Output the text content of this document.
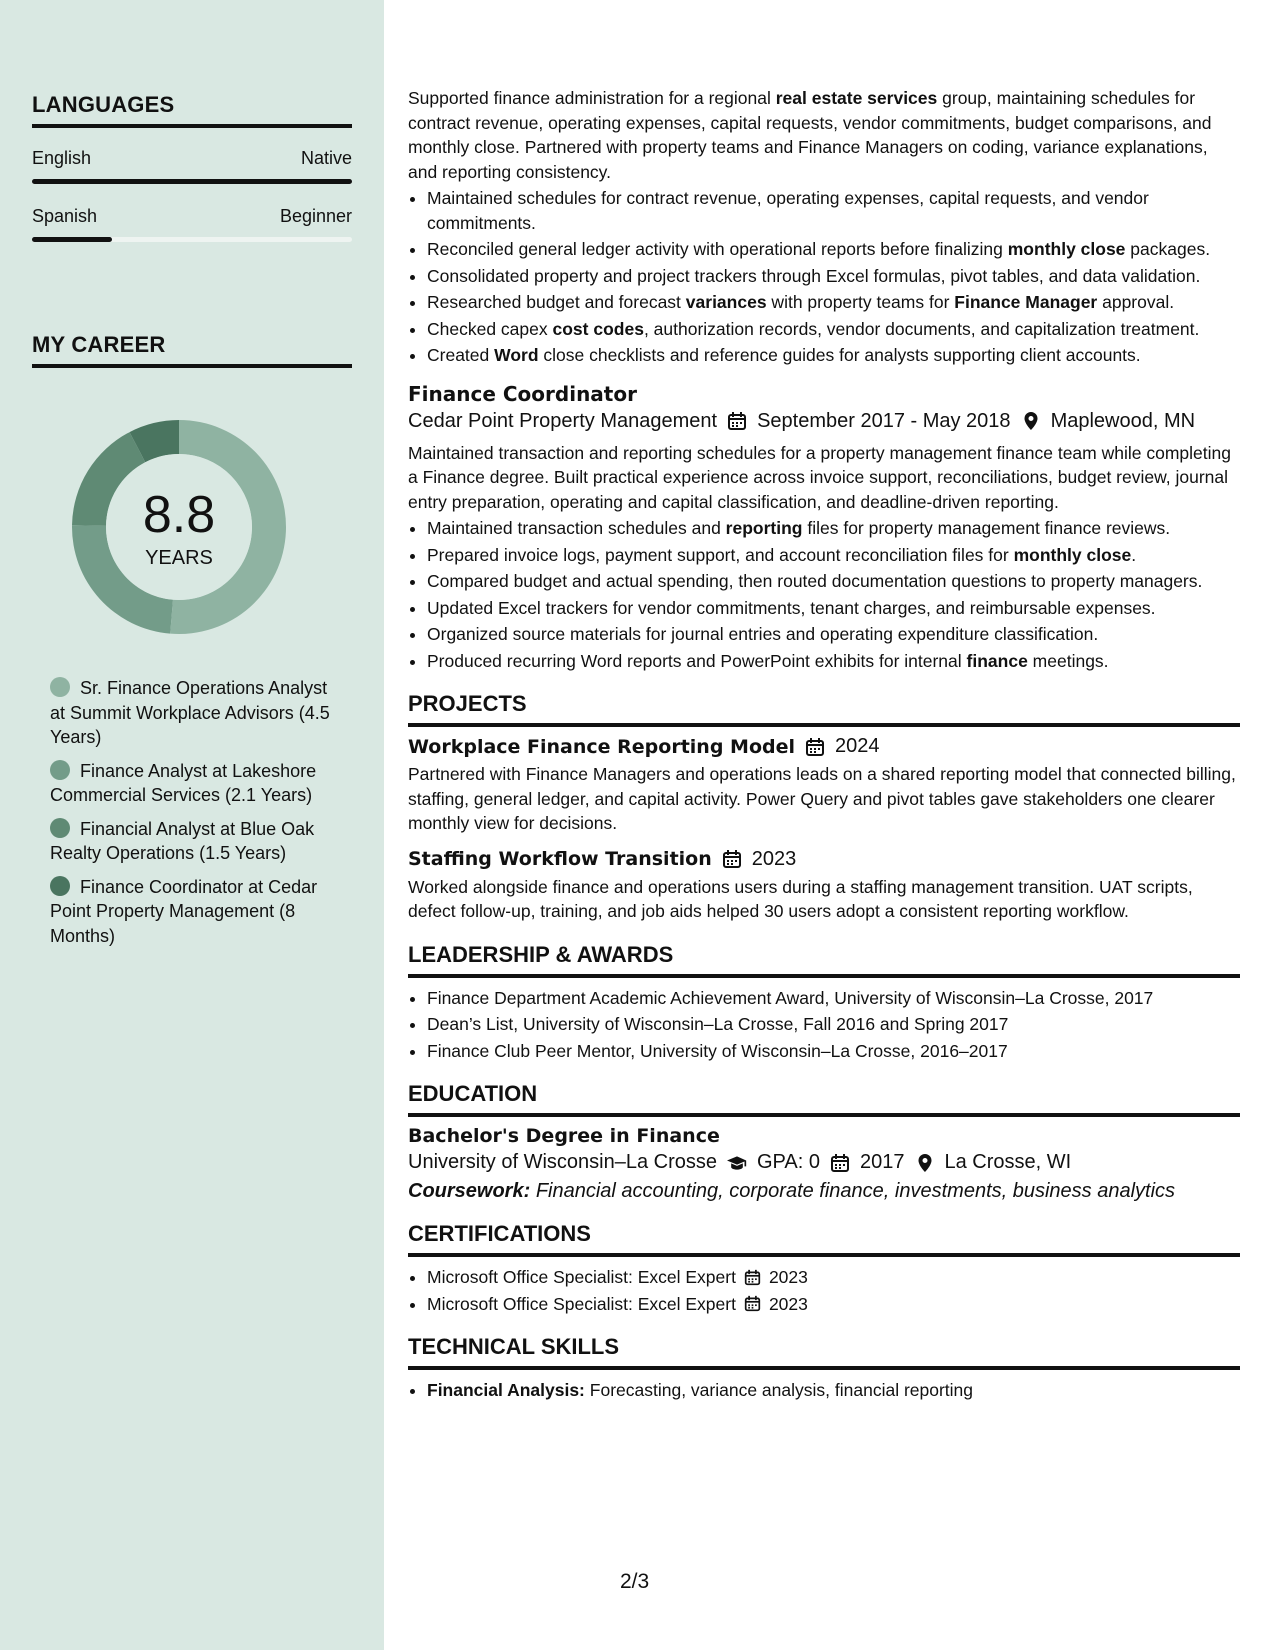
LANGUAGES
English	Native
Spanish	Beginner
MY CAREER
8.8
YEARS
Sr. Finance Operations Analyst at Summit Workplace Advisors (4.5 Years)
Finance Analyst at Lakeshore Commercial Services (2.1 Years)
Financial Analyst at Blue Oak Realty Operations (1.5 Years)
Finance Coordinator at Cedar Point Property Management (8 Months)

Supported finance administration for a regional real estate services group, maintaining schedules for contract revenue, operating expenses, capital requests, vendor commitments, budget comparisons, and monthly close. Partnered with property teams and Finance Managers on coding, variance explanations, and reporting consistency.

• Maintained schedules for contract revenue, operating expenses, capital requests, and vendor commitments.
• Reconciled general ledger activity with operational reports before finalizing monthly close packages.
• Consolidated property and project trackers through Excel formulas, pivot tables, and data validation.
• Researched budget and forecast variances with property teams for Finance Manager approval.
• Checked capex cost codes, authorization records, vendor documents, and capitalization treatment.
• Created Word close checklists and reference guides for analysts supporting client accounts.
Finance Coordinator
Cedar Point Property Management September 2017 - May 2018 Maplewood, MN

Maintained transaction and reporting schedules for a property management finance team while completing a Finance degree. Built practical experience across invoice support, reconciliations, budget review, journal entry preparation, operating and capital classification, and deadline-driven reporting.

• Maintained transaction schedules and reporting files for property management finance reviews.
• Prepared invoice logs, payment support, and account reconciliation files for monthly close.
• Compared budget and actual spending, then routed documentation questions to property managers.
• Updated Excel trackers for vendor commitments, tenant charges, and reimbursable expenses.
• Organized source materials for journal entries and operating expenditure classification.
• Produced recurring Word reports and PowerPoint exhibits for internal finance meetings.
PROJECTS
Workplace Finance Reporting Model 2024

Partnered with Finance Managers and operations leads on a shared reporting model that connected billing, staffing, general ledger, and capital activity. Power Query and pivot tables gave stakeholders one clearer monthly view for decisions.

Staffing Workflow Transition 2023

Worked alongside finance and operations users during a staffing management transition. UAT scripts, defect follow-up, training, and job aids helped 30 users adopt a consistent reporting workflow.

LEADERSHIP & AWARDS
• Finance Department Academic Achievement Award, University of Wisconsin–La Crosse, 2017
• Dean’s List, University of Wisconsin–La Crosse, Fall 2016 and Spring 2017
• Finance Club Peer Mentor, University of Wisconsin–La Crosse, 2016–2017
EDUCATION
Bachelor's Degree in Finance
University of Wisconsin–La Crosse GPA: 0 2017 La Crosse, WI
Coursework: Financial accounting, corporate finance, investments, business analytics
CERTIFICATIONS
• Microsoft Office Specialist: Excel Expert 2023
• Microsoft Office Specialist: Excel Expert 2023
TECHNICAL SKILLS
• Financial Analysis: Forecasting, variance analysis, financial reporting
2/3
